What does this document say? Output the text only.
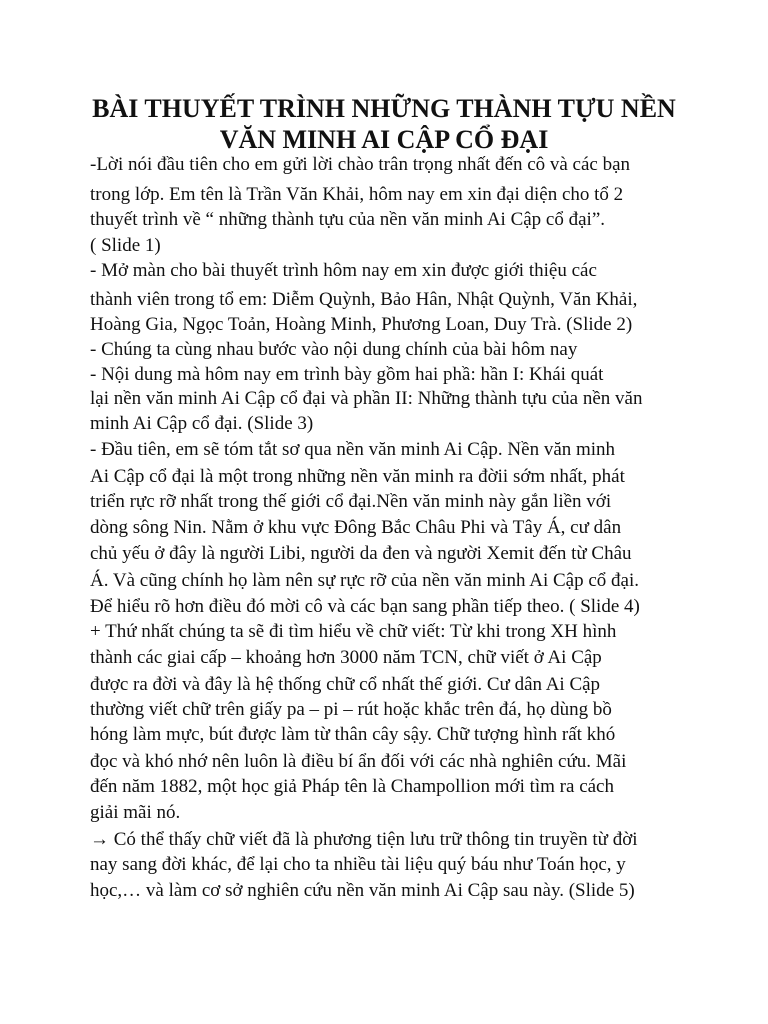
BÀI THUYẾT TRÌNH NHỮNG THÀNH TỰU NỀN
VĂN MINH AI CẬP CỔ ĐẠI

-Lời nói đầu tiên cho em gửi lời chào trân trọng nhất đến cô và các bạn

trong lớp. Em tên là Trần Văn Khải, hôm nay em xin đại diện cho tổ 2

thuyết trình về “ những thành tựu của nền văn minh Ai Cập cổ đại”.

( Slide 1)

- Mở màn cho bài thuyết trình hôm nay em xin được giới thiệu các

thành viên trong tổ em: Diễm Quỳnh, Bảo Hân, Nhật Quỳnh, Văn Khải,

Hoàng Gia, Ngọc Toản, Hoàng Minh, Phương Loan, Duy Trà. (Slide 2)

- Chúng ta cùng nhau bước vào nội dung chính của bài hôm nay

- Nội dung mà hôm nay em trình bày gồm hai phầ: hần I: Khái quát

lại nền văn minh Ai Cập cổ đại và phần II: Những thành tựu của nền văn

minh Ai Cập cổ đại. (Slide 3)

- Đầu tiên, em sẽ tóm tắt sơ qua nền văn minh Ai Cập. Nền văn minh

Ai Cập cổ đại là một trong những nền văn minh ra đờii sớm nhất, phát

triển rực rỡ nhất trong thế giới cổ đại.Nền văn minh này gắn liền với

dòng sông Nin. Nằm ở khu vực Đông Bắc Châu Phi và Tây Á, cư dân

chủ yếu ở đây là người Libi, người da đen và người Xemit đến từ Châu

Á. Và cũng chính họ làm nên sự rực rỡ của nền văn minh Ai Cập cổ đại.

Để hiểu rõ hơn điều đó mời cô và các bạn sang phần tiếp theo. ( Slide 4)

+ Thứ nhất chúng ta sẽ đi tìm hiểu về chữ viết: Từ khi trong XH hình

thành các giai cấp – khoảng hơn 3000 năm TCN, chữ viết ở Ai Cập

được ra đời và đây là hệ thống chữ cổ nhất thế giới. Cư dân Ai Cập

thường viết chữ trên giấy pa – pi – rút hoặc khắc trên đá, họ dùng bồ

hóng làm mực, bút được làm từ thân cây sậy. Chữ tượng hình rất khó

đọc và khó nhớ nên luôn là điều bí ẩn đối với các nhà nghiên cứu. Mãi

đến năm 1882, một học giả Pháp tên là Champollion mới tìm ra cách

giải mãi nó.

→ Có thể thấy chữ viết đã là phương tiện lưu trữ thông tin truyền từ đời

nay sang đời khác, để lại cho ta nhiều tài liệu quý báu như Toán học, y

học,… và làm cơ sở nghiên cứu nền văn minh Ai Cập sau này. (Slide 5)
